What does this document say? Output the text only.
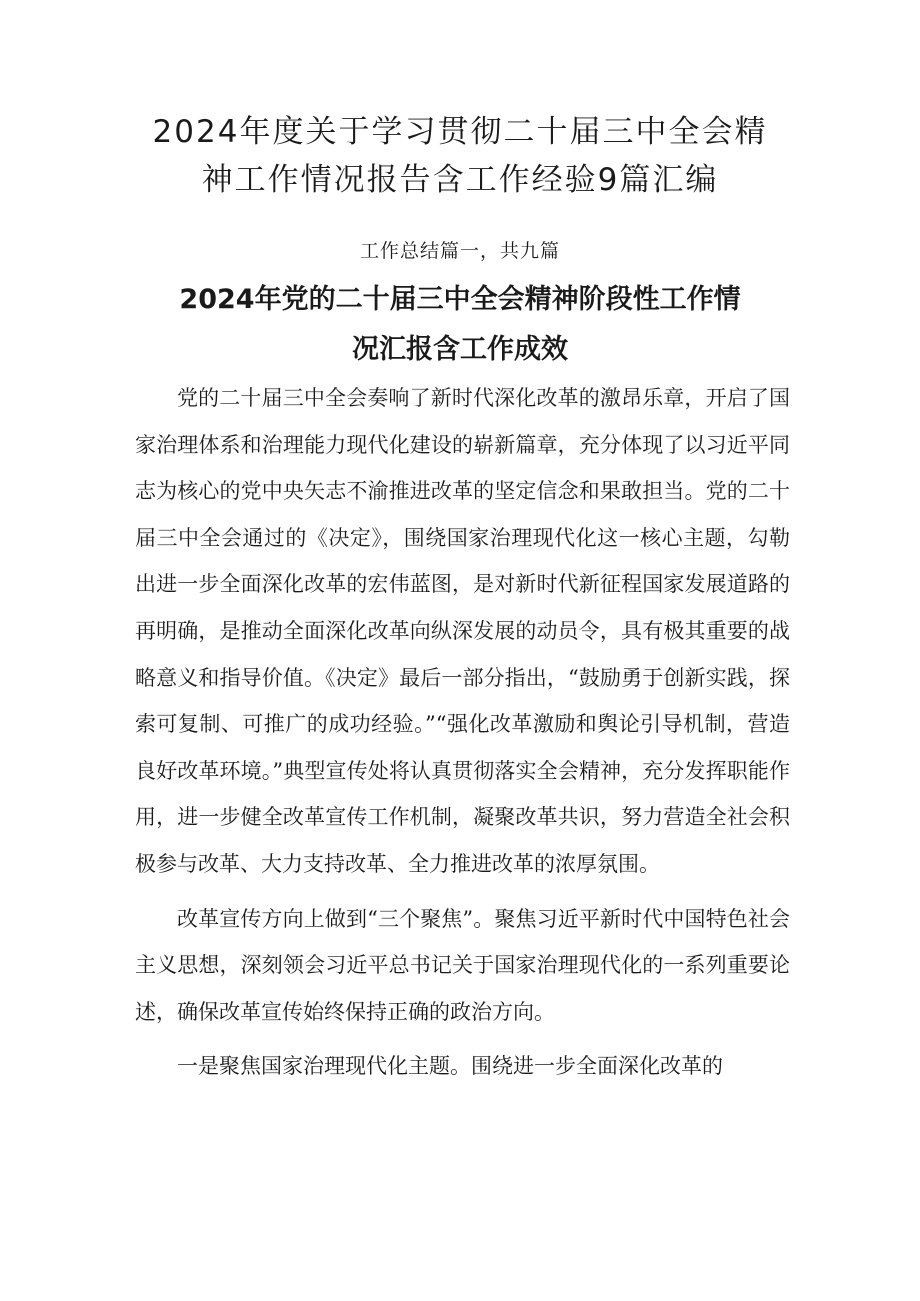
2024年度关于学习贯彻二十届三中全会精
神工作情况报告含工作经验9篇汇编
工作总结篇一，共九篇
2024年党的二十届三中全会精神阶段性工作情
况汇报含工作成效

党的二十届三中全会奏响了新时代深化改革的激昂乐章，开启了国家治理体系和治理能力现代化建设的崭新篇章，充分体现了以习近平同志为核心的党中央矢志不渝推进改革的坚定信念和果敢担当。党的二十届三中全会通过的《决定》，围绕国家治理现代化这一核心主题，勾勒出进一步全面深化改革的宏伟蓝图，是对新时代新征程国家发展道路的再明确，是推动全面深化改革向纵深发展的动员令，具有极其重要的战略意义和指导价值。《决定》最后一部分指出，“鼓励勇于创新实践，探索可复制、可推广的成功经验。”“强化改革激励和舆论引导机制，营造良好改革环境。”典型宣传处将认真贯彻落实全会精神，充分发挥职能作用，进一步健全改革宣传工作机制，凝聚改革共识，努力营造全社会积极参与改革、大力支持改革、全力推进改革的浓厚氛围。

改革宣传方向上做到“三个聚焦”。聚焦习近平新时代中国特色社会主义思想，深刻领会习近平总书记关于国家治理现代化的一系列重要论述，确保改革宣传始终保持正确的政治方向。

一是聚焦国家治理现代化主题。围绕进一步全面深化改革的
